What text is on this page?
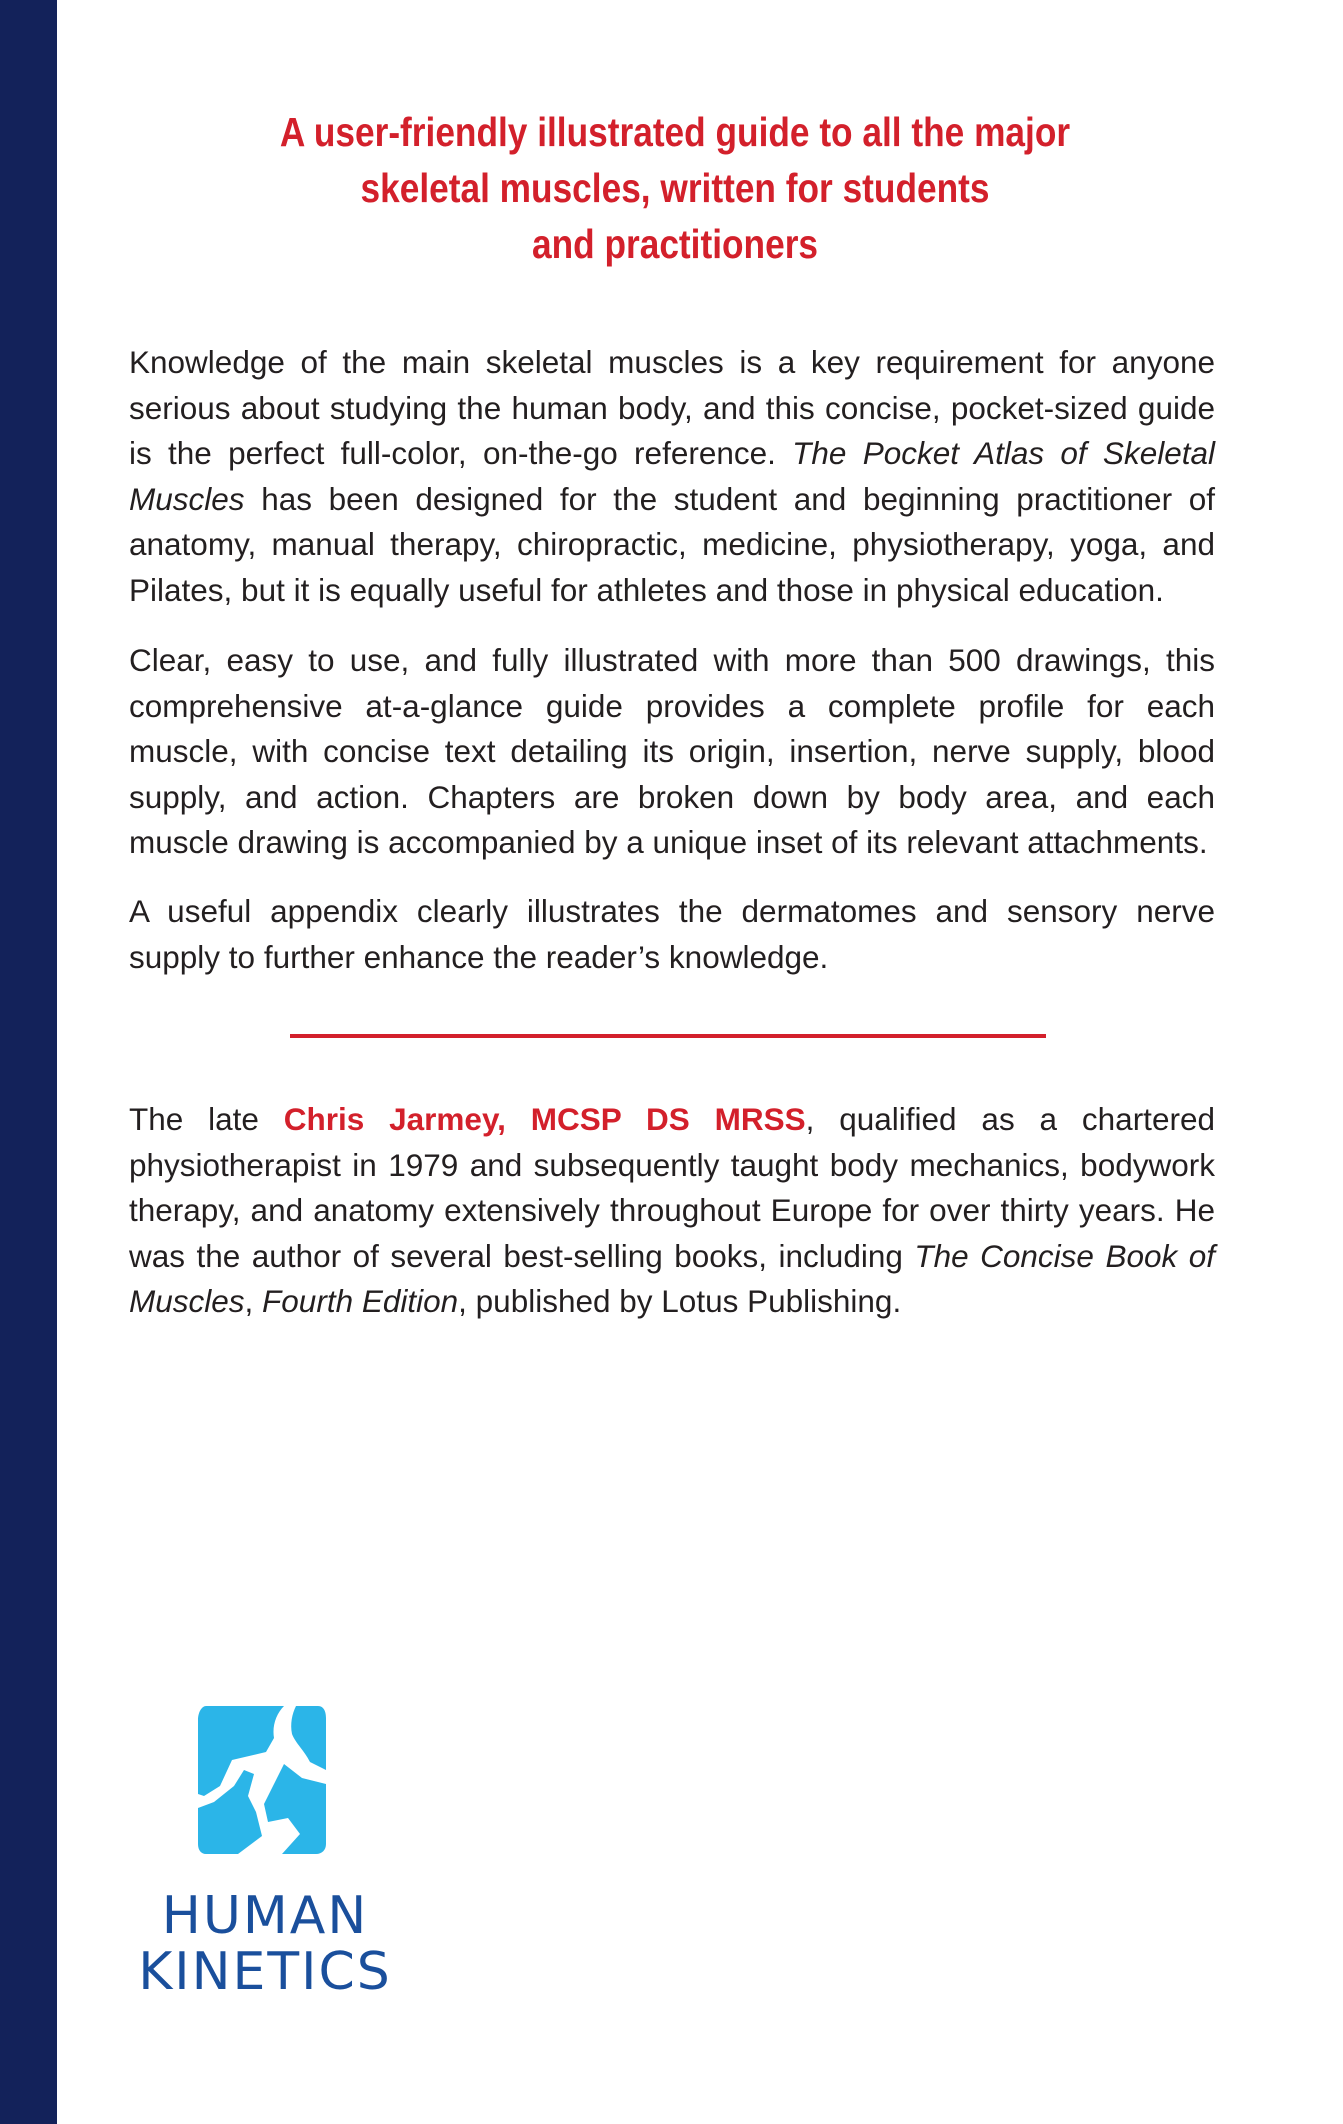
A user-friendly illustrated guide to all the major
skeletal muscles, written for students
and practitioners

Knowledge of the main skeletal muscles is a key requirement for anyone serious about studying the human body, and this concise, pocket-sized guide is the perfect full-color, on-the-go reference. The Pocket Atlas of Skeletal Muscles has been designed for the student and beginning practitioner of anatomy, manual therapy, chiropractic, medicine, physiotherapy, yoga, and Pilates, but it is equally useful for athletes and those in physical education.

Clear, easy to use, and fully illustrated with more than 500 drawings, this comprehensive at-a-glance guide provides a complete profile for each muscle, with concise text detailing its origin, insertion, nerve supply, blood supply, and action. Chapters are broken down by body area, and each muscle drawing is accompanied by a unique inset of its relevant attachments.

A useful appendix clearly illustrates the dermatomes and sensory nerve supply to further enhance the reader’s knowledge.

The late Chris Jarmey, MCSP DS MRSS, qualified as a chartered physiotherapist in 1979 and subsequently taught body mechanics, bodywork therapy, and anatomy extensively throughout Europe for over thirty years. He was the author of several best-selling books, including The Concise Book of Muscles, Fourth Edition, published by Lotus Publishing.

HUMAN
KINETICS
